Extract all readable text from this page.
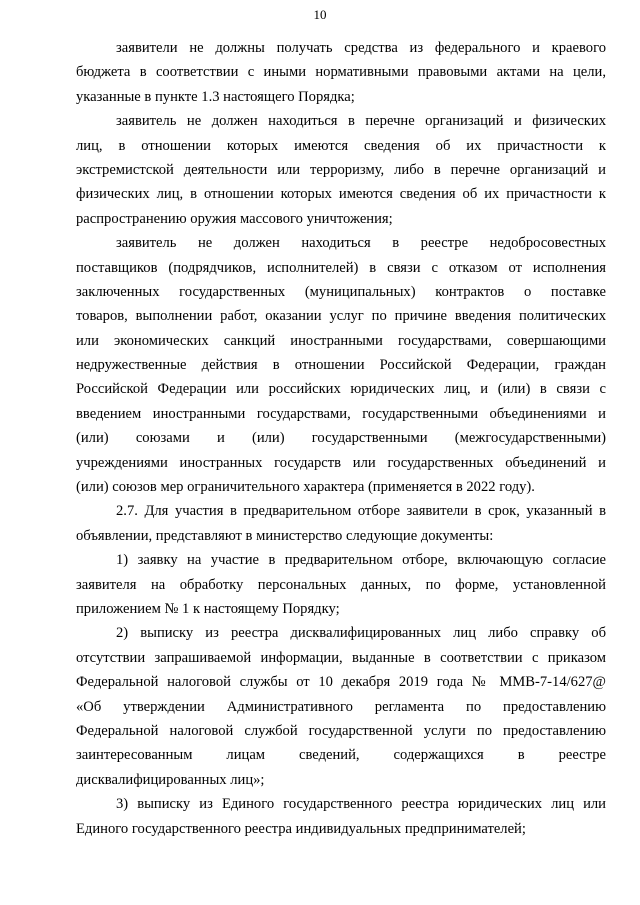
10
заявители не должны получать средства из федерального и краевого
бюджета в соответствии с иными нормативными правовыми актами на цели,
указанные в пункте 1.3 настоящего Порядка;
заявитель не должен находиться в перечне организаций и физических
лиц, в отношении которых имеются сведения об их причастности к
экстремистской деятельности или терроризму, либо в перечне организаций и
физических лиц, в отношении которых имеются сведения об их причастности к
распространению оружия массового уничтожения;
заявитель не должен находиться в реестре недобросовестных
поставщиков (подрядчиков, исполнителей) в связи с отказом от исполнения
заключенных государственных (муниципальных) контрактов о поставке
товаров, выполнении работ, оказании услуг по причине введения политических
или экономических санкций иностранными государствами, совершающими
недружественные действия в отношении Российской Федерации, граждан
Российской Федерации или российских юридических лиц, и (или) в связи с
введением иностранными государствами, государственными объединениями и
(или) союзами и (или) государственными (межгосударственными)
учреждениями иностранных государств или государственных объединений и
(или) союзов мер ограничительного характера (применяется в 2022 году).
2.7. Для участия в предварительном отборе заявители в срок, указанный в
объявлении, представляют в министерство следующие документы:
1) заявку на участие в предварительном отборе, включающую согласие
заявителя на обработку персональных данных, по форме, установленной
приложением № 1 к настоящему Порядку;
2) выписку из реестра дисквалифицированных лиц либо справку об
отсутствии запрашиваемой информации, выданные в соответствии с приказом
Федеральной налоговой службы от 10 декабря 2019 года № ММВ-7-14/627@
«Об утверждении Административного регламента по предоставлению
Федеральной налоговой службой государственной услуги по предоставлению
заинтересованным лицам сведений, содержащихся в реестре
дисквалифицированных лиц»;
3) выписку из Единого государственного реестра юридических лиц или
Единого государственного реестра индивидуальных предпринимателей;
